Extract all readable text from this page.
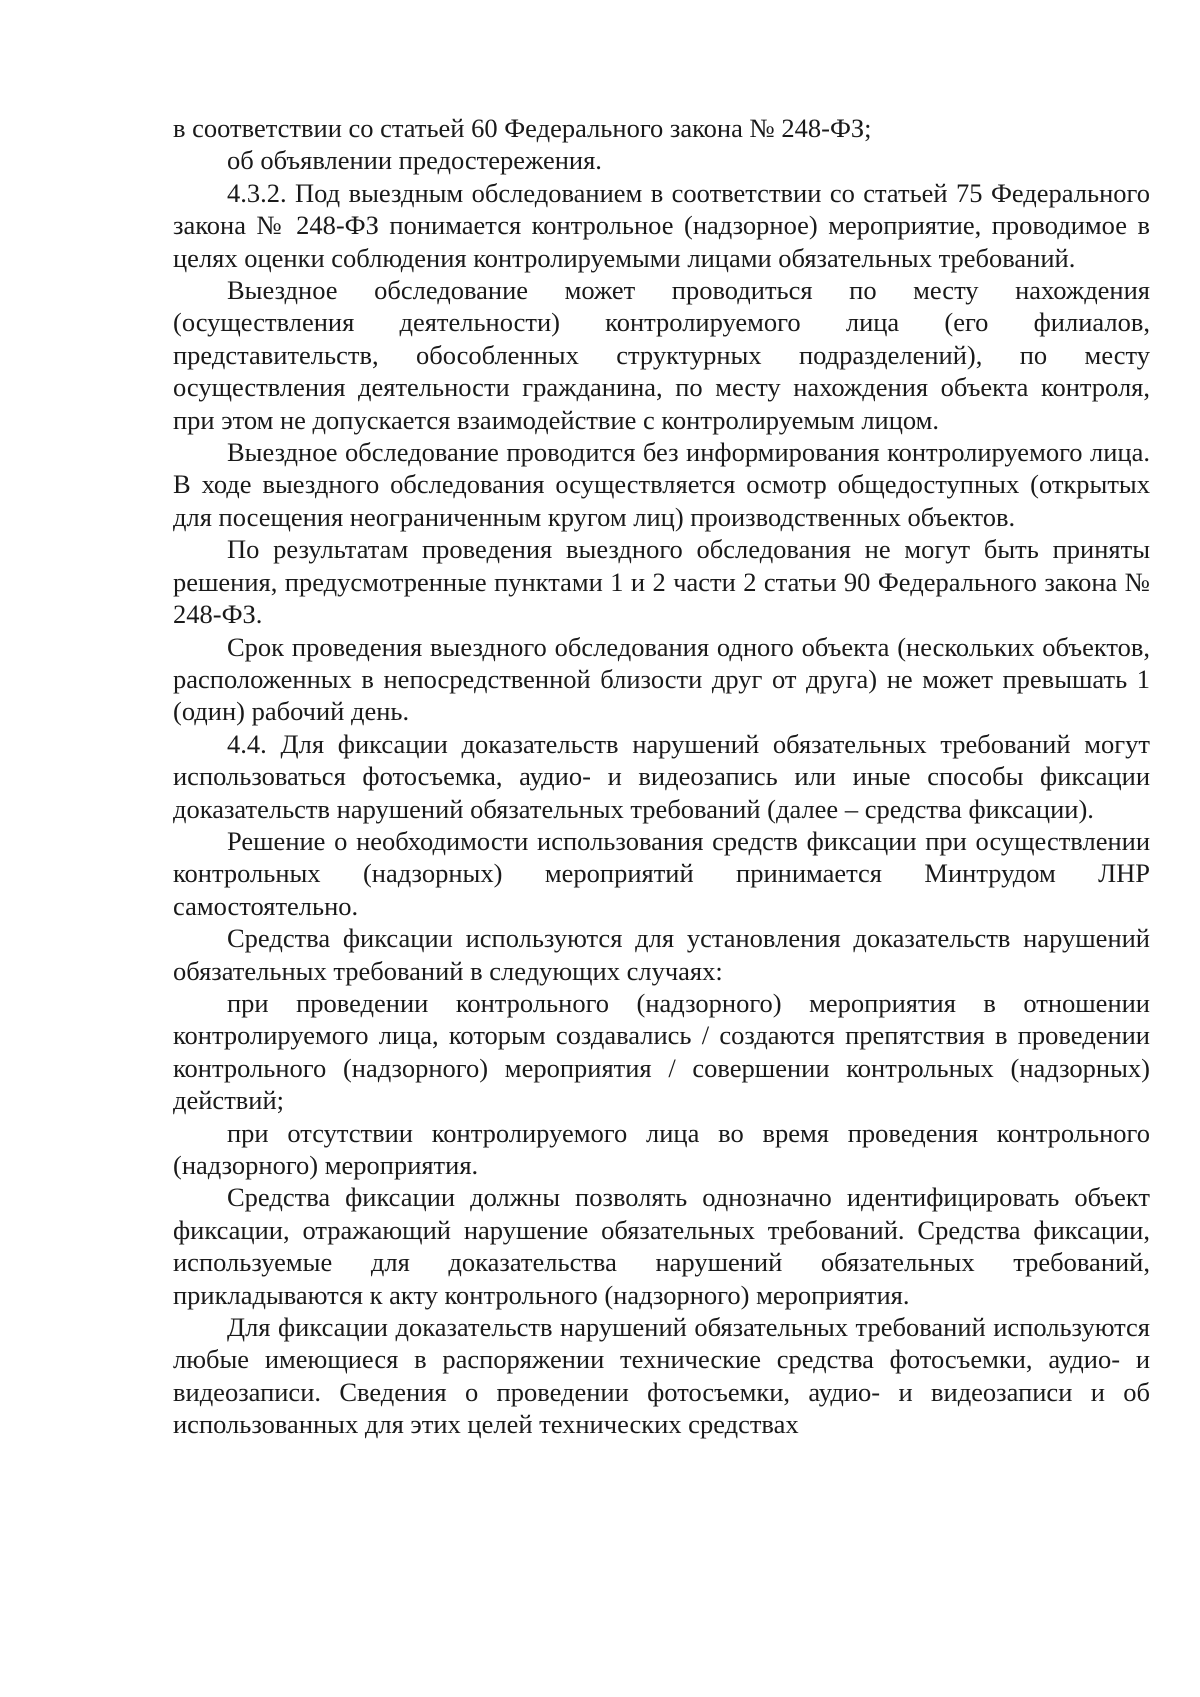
в соответствии со статьей 60 Федерального закона № 248-ФЗ;

об объявлении предостережения.

4.3.2. Под выездным обследованием в соответствии со статьей 75 Федерального закона № 248-ФЗ понимается контрольное (надзорное) мероприятие, проводимое в целях оценки соблюдения контролируемыми лицами обязательных требований.

Выездное обследование может проводиться по месту нахождения (осуществления деятельности) контролируемого лица (его филиалов, представительств, обособленных структурных подразделений), по месту осуществления деятельности гражданина, по месту нахождения объекта контроля, при этом не допускается взаимодействие с контролируемым лицом.

Выездное обследование проводится без информирования контролируемого лица. В ходе выездного обследования осуществляется осмотр общедоступных (открытых для посещения неограниченным кругом лиц) производственных объектов.

По результатам проведения выездного обследования не могут быть приняты решения, предусмотренные пунктами 1 и 2 части 2 статьи 90 Федерального закона № 248-ФЗ.

Срок проведения выездного обследования одного объекта (нескольких объектов, расположенных в непосредственной близости друг от друга) не может превышать 1 (один) рабочий день.

4.4. Для фиксации доказательств нарушений обязательных требований могут использоваться фотосъемка, аудио- и видеозапись или иные способы фиксации доказательств нарушений обязательных требований (далее – средства фиксации).

Решение о необходимости использования средств фиксации при осуществлении контрольных (надзорных) мероприятий принимается Минтрудом ЛНР самостоятельно.

Средства фиксации используются для установления доказательств нарушений обязательных требований в следующих случаях:

при проведении контрольного (надзорного) мероприятия в отношении контролируемого лица, которым создавались / создаются препятствия в проведении контрольного (надзорного) мероприятия / совершении контрольных (надзорных) действий;

при отсутствии контролируемого лица во время проведения контрольного (надзорного) мероприятия.

Средства фиксации должны позволять однозначно идентифицировать объект фиксации, отражающий нарушение обязательных требований. Средства фиксации, используемые для доказательства нарушений обязательных требований, прикладываются к акту контрольного (надзорного) мероприятия.

Для фиксации доказательств нарушений обязательных требований используются любые имеющиеся в распоряжении технические средства фотосъемки, аудио- и видеозаписи. Сведения о проведении фотосъемки, аудио- и видеозаписи и об использованных для этих целей технических средствах
